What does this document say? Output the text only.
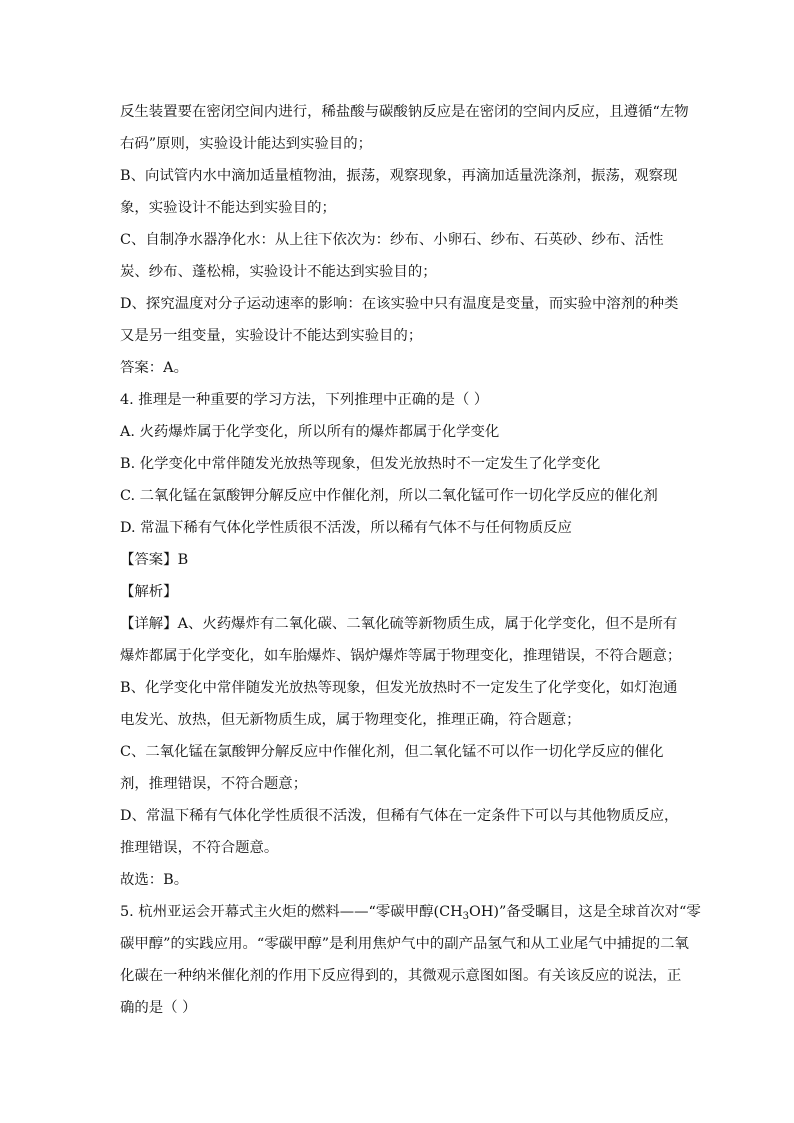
反生装置要在密闭空间内进行，稀盐酸与碳酸钠反应是在密闭的空间内反应，且遵循“左物
右码”原则，实验设计能达到实验目的；
B、向试管内水中滴加适量植物油，振荡，观察现象，再滴加适量洗涤剂，振荡，观察现
象，实验设计不能达到实验目的；
C、自制净水器净化水：从上往下依次为：纱布、小卵石、纱布、石英砂、纱布、活性
炭、纱布、蓬松棉，实验设计不能达到实验目的；
D、探究温度对分子运动速率的影响：在该实验中只有温度是变量，而实验中溶剂的种类
又是另一组变量，实验设计不能达到实验目的；
答案：A。
4. 推理是一种重要的学习方法，下列推理中正确的是（ ）
A. 火药爆炸属于化学变化，所以所有的爆炸都属于化学变化
B. 化学变化中常伴随发光放热等现象，但发光放热时不一定发生了化学变化
C. 二氧化锰在氯酸钾分解反应中作催化剂，所以二氧化锰可作一切化学反应的催化剂
D. 常温下稀有气体化学性质很不活泼，所以稀有气体不与任何物质反应
【答案】B
【解析】
【详解】A、火药爆炸有二氧化碳、二氧化硫等新物质生成，属于化学变化，但不是所有
爆炸都属于化学变化，如车胎爆炸、锅炉爆炸等属于物理变化，推理错误，不符合题意；
B、化学变化中常伴随发光放热等现象，但发光放热时不一定发生了化学变化，如灯泡通
电发光、放热，但无新物质生成，属于物理变化，推理正确，符合题意；
C、二氧化锰在氯酸钾分解反应中作催化剂，但二氧化锰不可以作一切化学反应的催化
剂，推理错误，不符合题意；
D、常温下稀有气体化学性质很不活泼，但稀有气体在一定条件下可以与其他物质反应，
推理错误，不符合题意。
故选：B。
5. 杭州亚运会开幕式主火炬的燃料——“零碳甲醇$(CH_3OH)$”备受瞩目，这是全球首次对“零
碳甲醇”的实践应用。“零碳甲醇”是利用焦炉气中的副产品氢气和从工业尾气中捕捉的二氧
化碳在一种纳米催化剂的作用下反应得到的，其微观示意图如图。有关该反应的说法，正
确的是（ ）
